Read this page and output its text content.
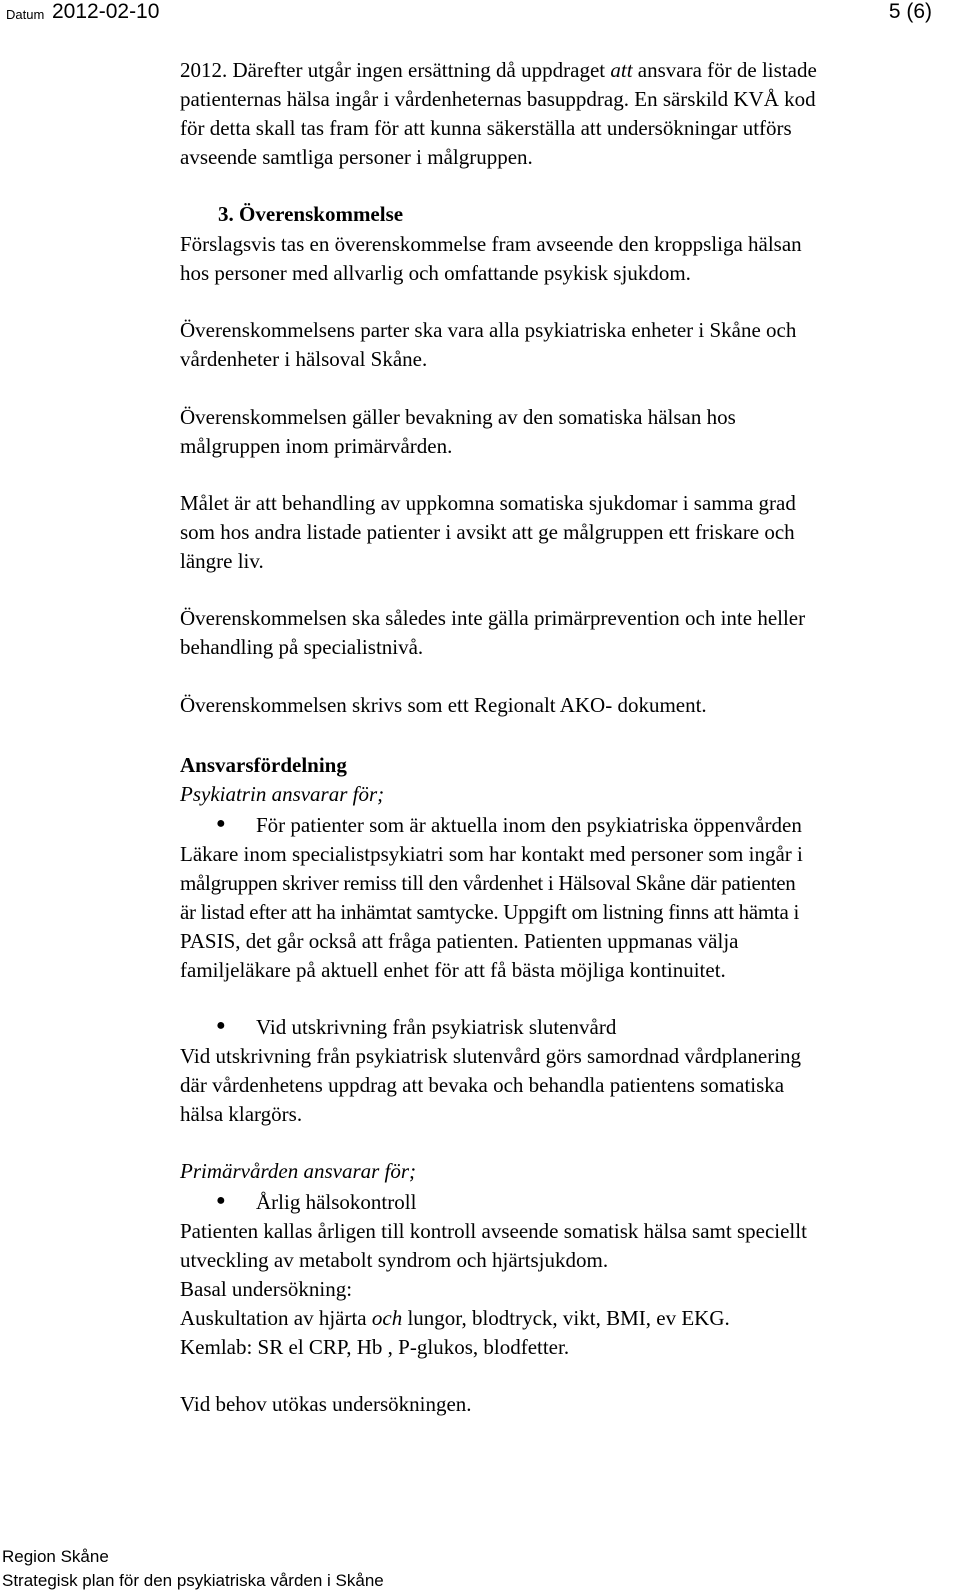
Datum 2012-02-10	5 (6)
2012. Därefter utgår ingen ersättning då uppdraget att ansvara för de listade
patienternas hälsa ingår i vårdenheternas basuppdrag. En särskild KVÅ kod
för detta skall tas fram för att kunna säkerställa att undersökningar utförs
avseende samtliga personer i målgruppen.
3. Överenskommelse
Förslagsvis tas en överenskommelse fram avseende den kroppsliga hälsan
hos personer med allvarlig och omfattande psykisk sjukdom.
Överenskommelsens parter ska vara alla psykiatriska enheter i Skåne och
vårdenheter i hälsoval Skåne.
Överenskommelsen gäller bevakning av den somatiska hälsan hos
målgruppen inom primärvården.
Målet är att behandling av uppkomna somatiska sjukdomar i samma grad
som hos andra listade patienter i avsikt att ge målgruppen ett friskare och
längre liv.
Överenskommelsen ska således inte gälla primärprevention och inte heller
behandling på specialistnivå.
Överenskommelsen skrivs som ett Regionalt AKO- dokument.
Ansvarsfördelning
Psykiatrin ansvarar för;
● För patienter som är aktuella inom den psykiatriska öppenvården
Läkare inom specialistpsykiatri som har kontakt med personer som ingår i
målgruppen skriver remiss till den vårdenhet i Hälsoval Skåne där patienten
är listad efter att ha inhämtat samtycke. Uppgift om listning finns att hämta i
PASIS, det går också att fråga patienten. Patienten uppmanas välja
familjeläkare på aktuell enhet för att få bästa möjliga kontinuitet.
● Vid utskrivning från psykiatrisk slutenvård
Vid utskrivning från psykiatrisk slutenvård görs samordnad vårdplanering
där vårdenhetens uppdrag att bevaka och behandla patientens somatiska
hälsa klargörs.
Primärvården ansvarar för;
● Årlig hälsokontroll
Patienten kallas årligen till kontroll avseende somatisk hälsa samt speciellt
utveckling av metabolt syndrom och hjärtsjukdom.
Basal undersökning:
Auskultation av hjärta och lungor, blodtryck, vikt, BMI, ev EKG.
Kemlab: SR el CRP, Hb , P-glukos, blodfetter.
Vid behov utökas undersökningen.
Region Skåne
Strategisk plan för den psykiatriska vården i Skåne
